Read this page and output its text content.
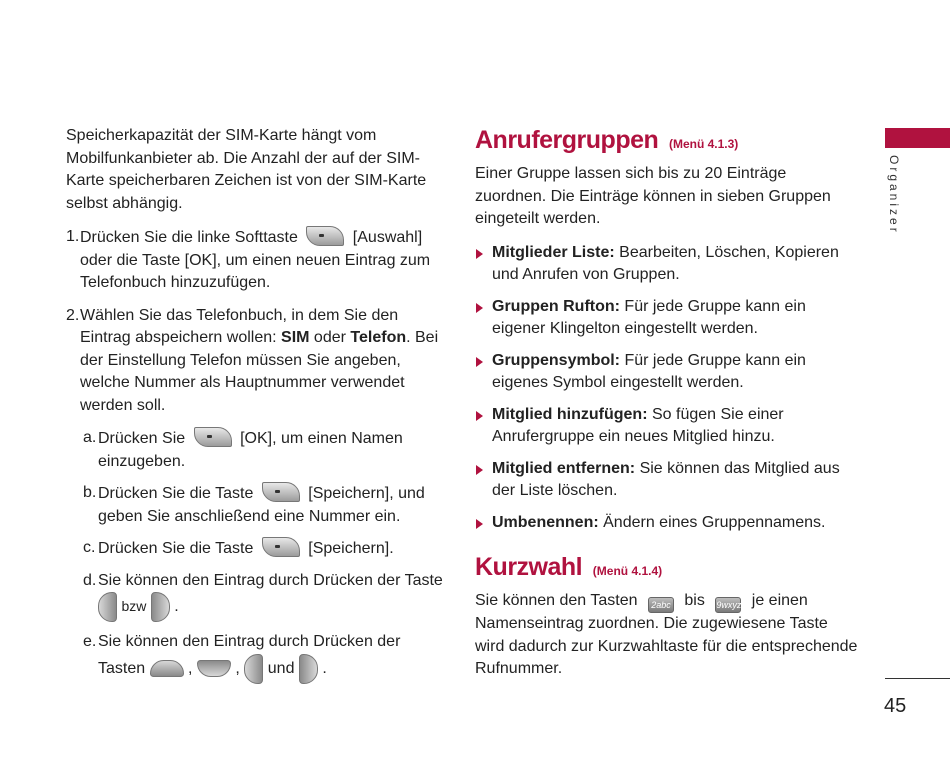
Speicherkapazität der SIM-Karte hängt vom Mobilfunkanbieter ab. Die Anzahl der auf der SIM-Karte speicherbaren Zeichen ist von der SIM-Karte selbst abhängig.

1. Drücken Sie die linke Softtaste	[Auswahl] oder die Taste [OK], um einen neuen Eintrag zum Telefonbuch hinzuzufügen.

2. Wählen Sie das Telefonbuch, in dem Sie den Eintrag abspeichern wollen: SIM oder Telefon. Bei der Einstellung Telefon müssen Sie angeben, welche Nummer als Hauptnummer verwendet werden soll.

a. Drücken Sie	[OK], um einen Namen einzugeben.

b. Drücken Sie die Taste	[Speichern], und geben Sie anschließend eine Nummer ein.

c. Drücken Sie die Taste	[Speichern].

d. Sie können den Eintrag durch Drücken der Taste
bzw .

e. Sie können den Eintrag durch Drücken der Tasten	,	, und .

Anrufergruppen (Menü 4.1.3)

Einer Gruppe lassen sich bis zu 20 Einträge zuordnen. Die Einträge können in sieben Gruppen eingeteilt werden.

Mitglieder Liste: Bearbeiten, Löschen, Kopieren und Anrufen von Gruppen.
Gruppen Rufton: Für jede Gruppe kann ein eigener Klingelton eingestellt werden.
Gruppensymbol: Für jede Gruppe kann ein eigenes Symbol eingestellt werden.
Mitglied hinzufügen: So fügen Sie einer Anrufergruppe ein neues Mitglied hinzu.
Mitglied entfernen: Sie können das Mitglied aus der Liste löschen.
Umbenennen: Ändern eines Gruppennamens.
Kurzwahl (Menü 4.1.4)

Sie können den Tasten 2abc bis 9wxyz je einen Namenseintrag zuordnen. Die zugewiesene Taste wird dadurch zur Kurzwahltaste für die entsprechende Rufnummer.

Organizer
45
